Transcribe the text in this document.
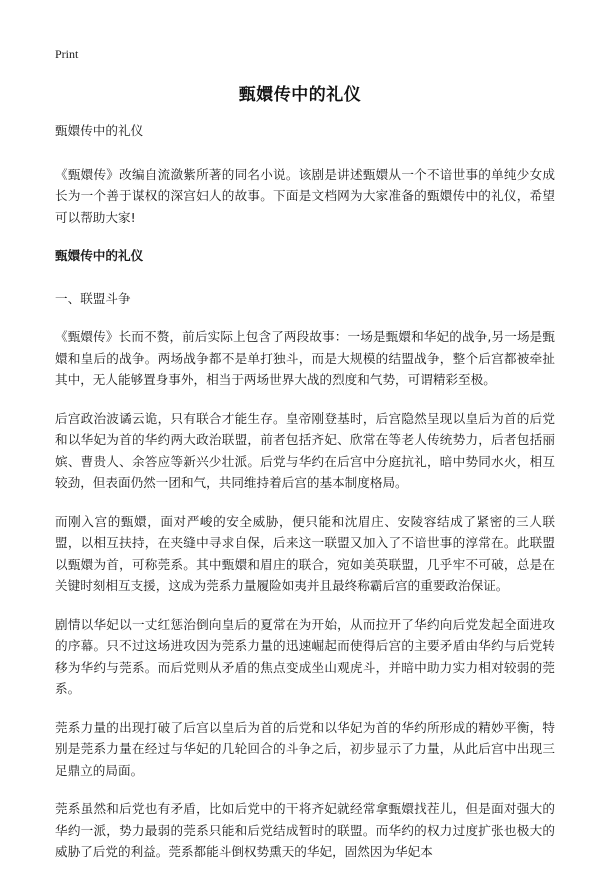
Print
甄嬛传中的礼仪
甄嬛传中的礼仪
《甄嬛传》改编自流潋紫所著的同名小说。该剧是讲述甄嬛从一个不谙世事的单纯少女成长为一个善于谋权的深宫妇人的故事。下面是文档网为大家准备的甄嬛传中的礼仪，希望可以帮助大家!
甄嬛传中的礼仪
一、联盟斗争
《甄嬛传》长而不赘，前后实际上包含了两段故事：一场是甄嬛和华妃的战争,另一场是甄嬛和皇后的战争。两场战争都不是单打独斗，而是大规模的结盟战争，整个后宫都被牵扯其中，无人能够置身事外，相当于两场世界大战的烈度和气势，可谓精彩至极。
后宫政治波谲云诡，只有联合才能生存。皇帝刚登基时，后宫隐然呈现以皇后为首的后党和以华妃为首的华约两大政治联盟，前者包括齐妃、欣常在等老人传统势力，后者包括丽嫔、曹贵人、余答应等新兴少壮派。后党与华约在后宫中分庭抗礼，暗中势同水火，相互较劲，但表面仍然一团和气，共同维持着后宫的基本制度格局。
而刚入宫的甄嬛，面对严峻的安全威胁，便只能和沈眉庄、安陵容结成了紧密的三人联盟，以相互扶持，在夹缝中寻求自保，后来这一联盟又加入了不谙世事的淳常在。此联盟以甄嬛为首，可称莞系。其中甄嬛和眉庄的联合，宛如美英联盟，几乎牢不可破，总是在关键时刻相互支援，这成为莞系力量履险如夷并且最终称霸后宫的重要政治保证。
剧情以华妃以一丈红惩治倒向皇后的夏常在为开始，从而拉开了华约向后党发起全面进攻的序幕。只不过这场进攻因为莞系力量的迅速崛起而使得后宫的主要矛盾由华约与后党转移为华约与莞系。而后党则从矛盾的焦点变成坐山观虎斗，并暗中助力实力相对较弱的莞系。
莞系力量的出现打破了后宫以皇后为首的后党和以华妃为首的华约所形成的精妙平衡，特别是莞系力量在经过与华妃的几轮回合的斗争之后，初步显示了力量，从此后宫中出现三足鼎立的局面。
莞系虽然和后党也有矛盾，比如后党中的干将齐妃就经常拿甄嬛找茬儿，但是面对强大的华约一派，势力最弱的莞系只能和后党结成暂时的联盟。而华约的权力过度扩张也极大的威胁了后党的利益。莞系都能斗倒权势熏天的华妃，固然因为华妃本
